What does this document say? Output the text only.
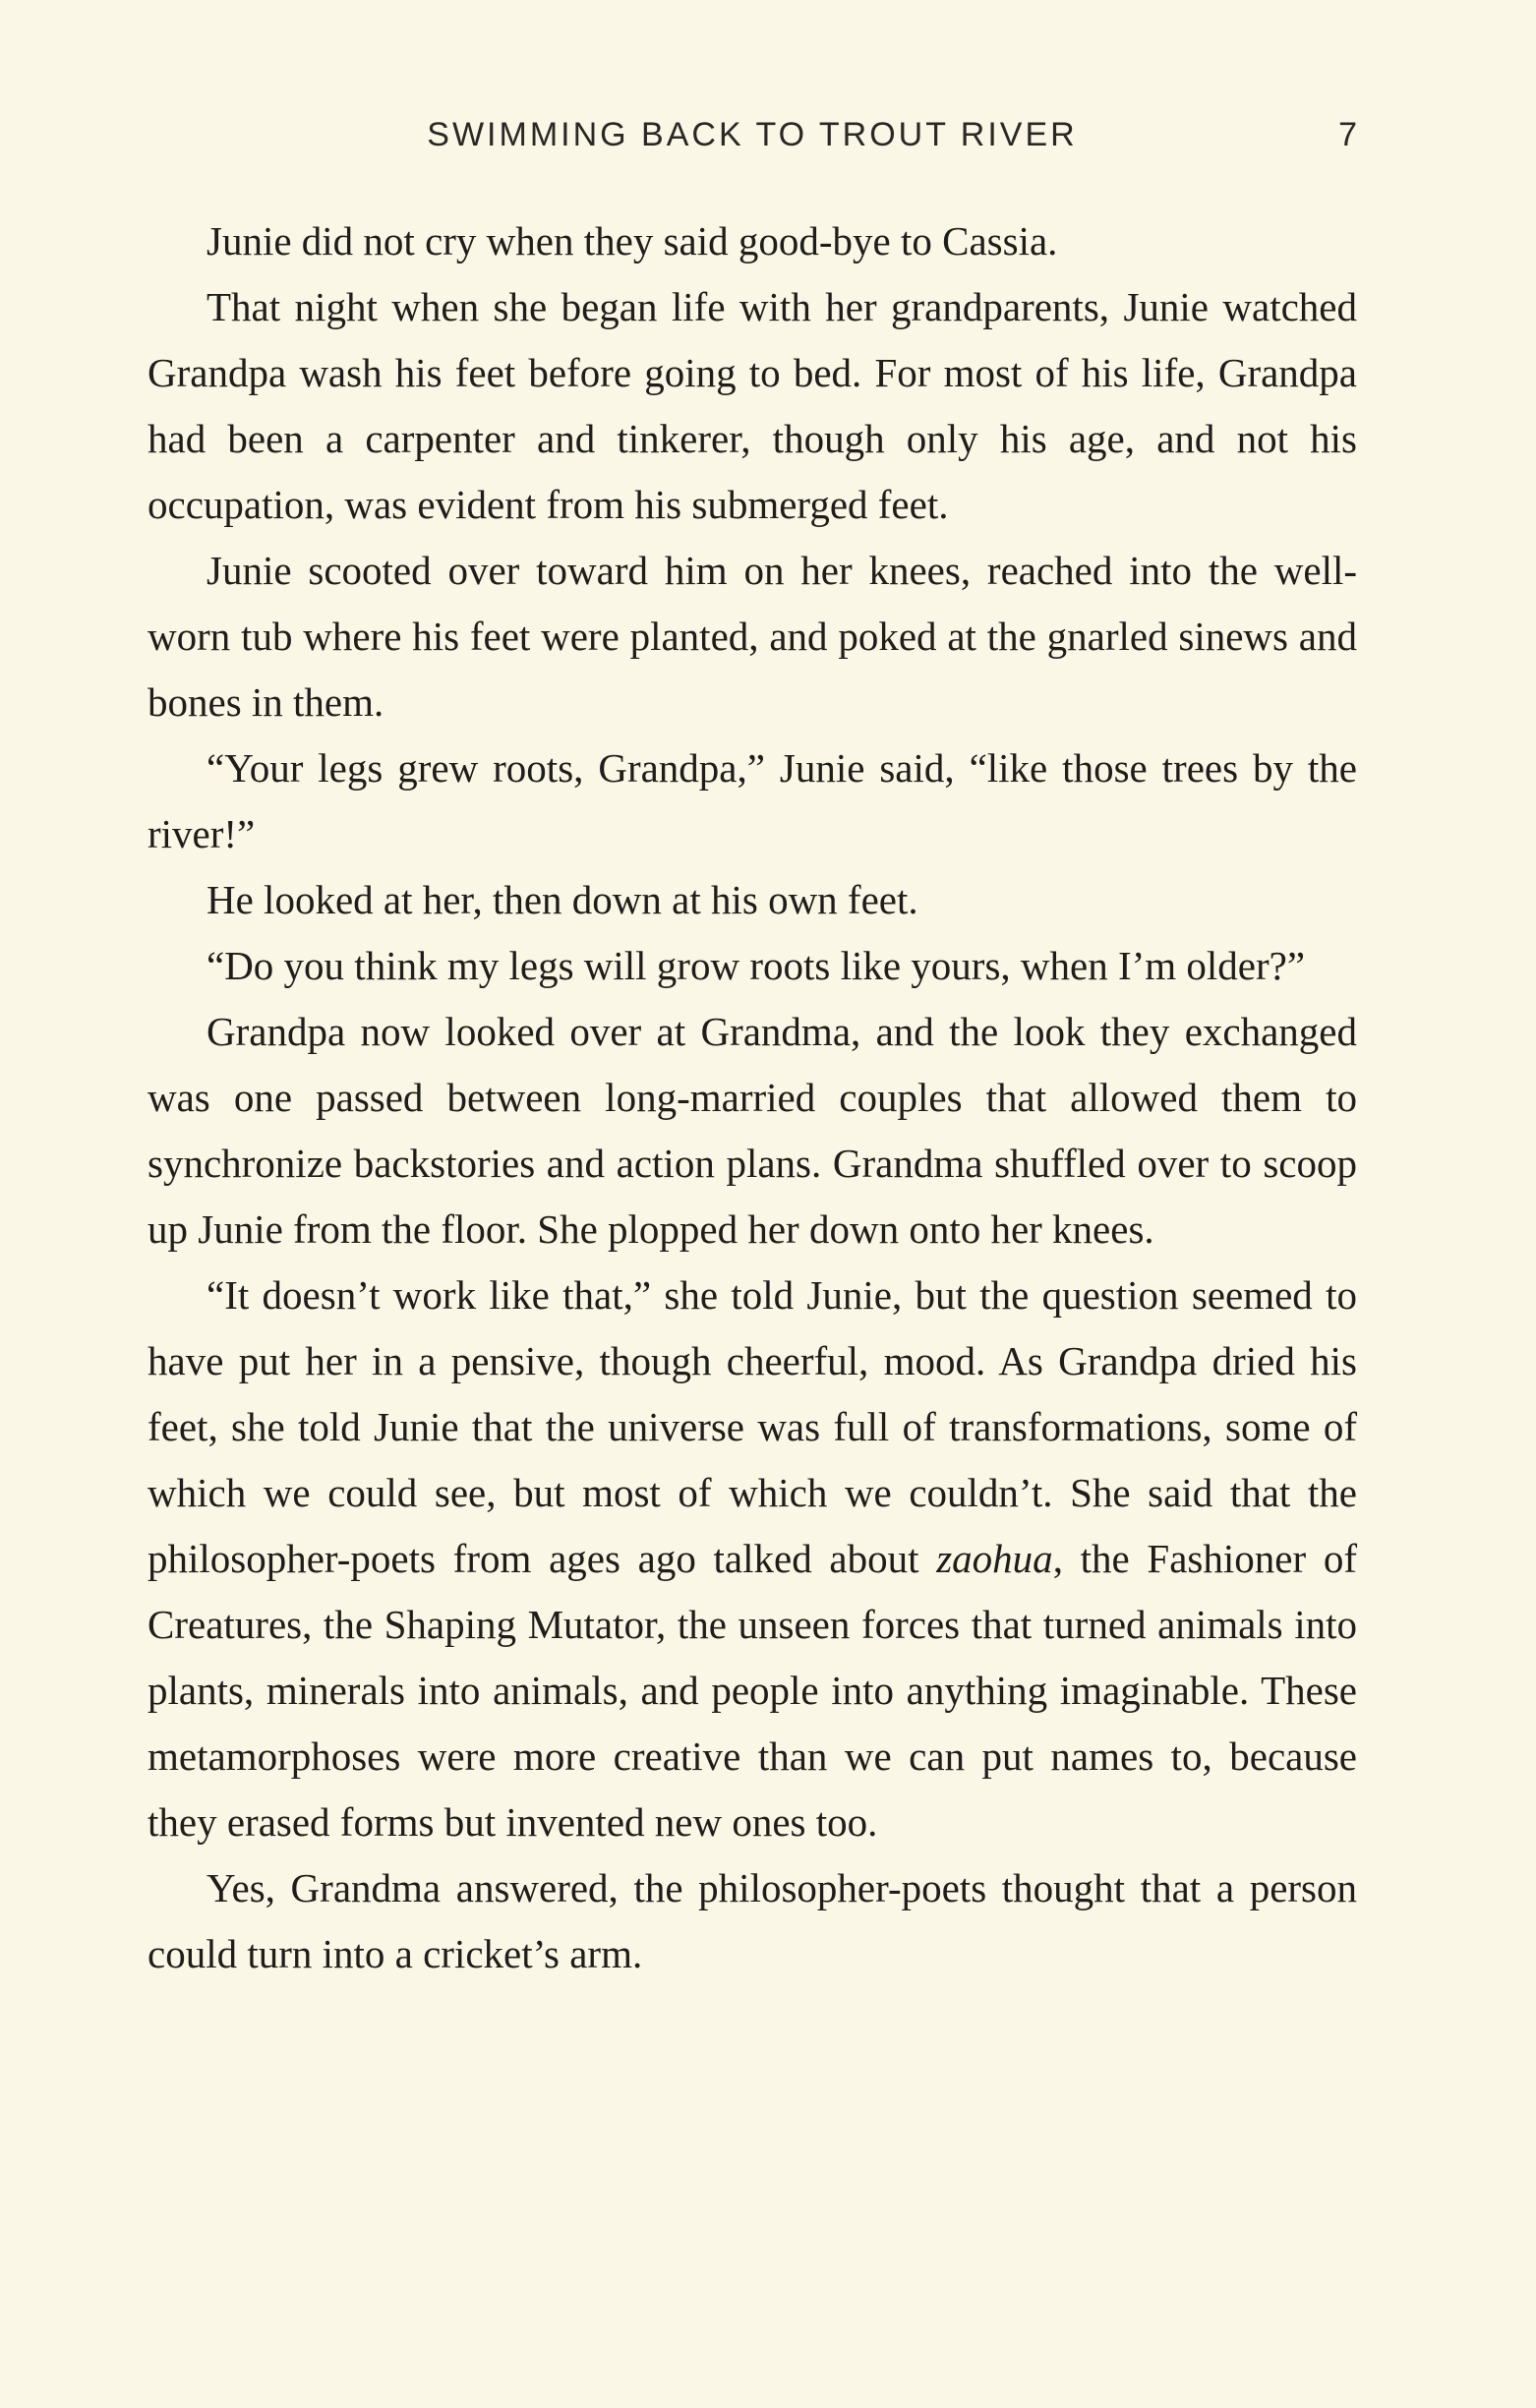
SWIMMING BACK TO TROUT RIVER	7

Junie did not cry when they said good-bye to Cassia.

That night when she began life with her grandparents, Junie watched Grandpa wash his feet before going to bed. For most of his life, Grandpa had been a carpenter and tinkerer, though only his age, and not his occupation, was evident from his submerged feet.

Junie scooted over toward him on her knees, reached into the well-worn tub where his feet were planted, and poked at the gnarled sinews and bones in them.

“Your legs grew roots, Grandpa,” Junie said, “like those trees by the river!”

He looked at her, then down at his own feet.

“Do you think my legs will grow roots like yours, when I’m older?”

Grandpa now looked over at Grandma, and the look they exchanged was one passed between long-married couples that allowed them to synchronize backstories and action plans. Grandma shuffled over to scoop up Junie from the floor. She plopped her down onto her knees.

“It doesn’t work like that,” she told Junie, but the question seemed to have put her in a pensive, though cheerful, mood. As Grandpa dried his feet, she told Junie that the universe was full of transformations, some of which we could see, but most of which we couldn’t. She said that the philosopher-poets from ages ago talked about zaohua, the Fashioner of Creatures, the Shaping Mutator, the unseen forces that turned animals into plants, minerals into animals, and people into anything imaginable. These metamorphoses were more creative than we can put names to, because they erased forms but invented new ones too.

Yes, Grandma answered, the philosopher-poets thought that a person could turn into a cricket’s arm.
